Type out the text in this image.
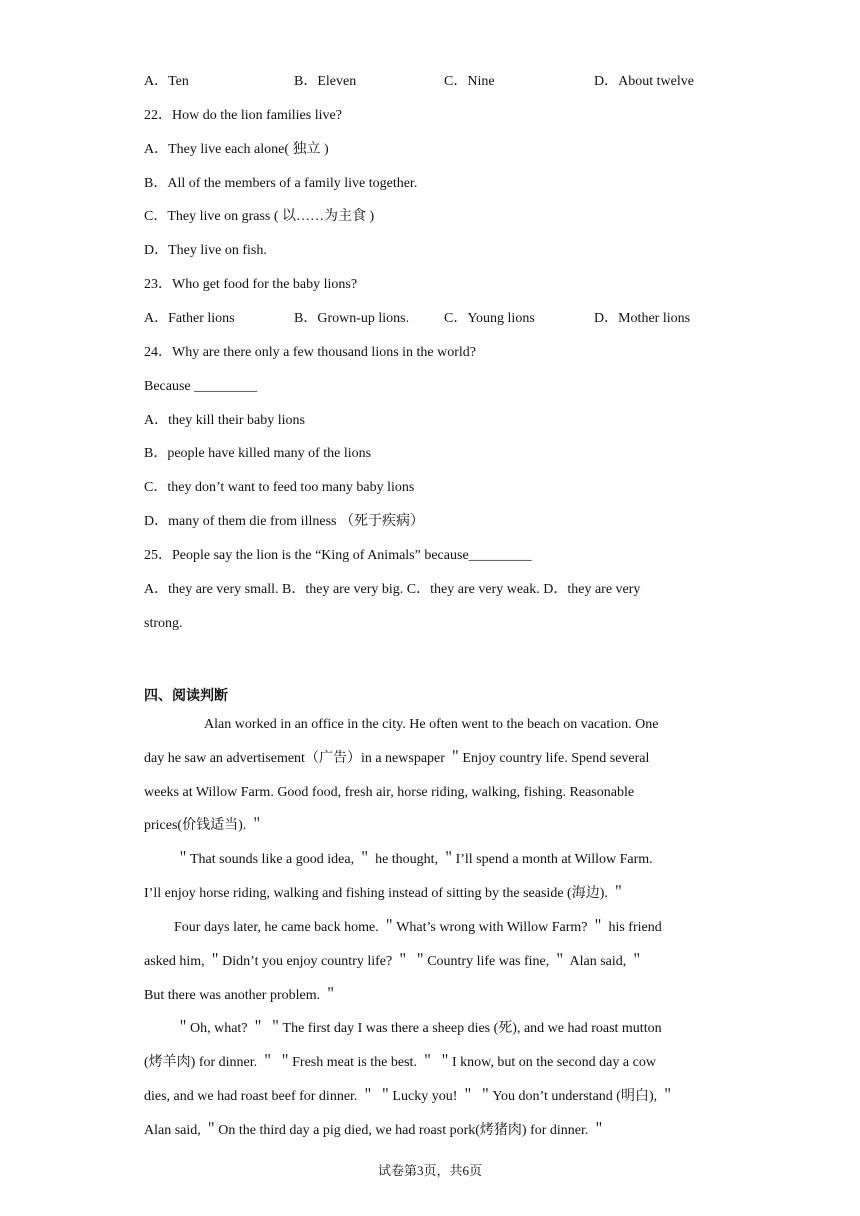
A．Ten	B．Eleven	C．Nine	D．About twelve
22．How do the lion families live?
A．They live each alone( 独立 )
B．All of the members of a family live together.
C．They live on grass ( 以……为主食 )
D．They live on fish.
23．Who get food for the baby lions?
A．Father lions	B．Grown-up lions. C．Young lions	D．Mother lions
24．Why are there only a few thousand lions in the world?
Because _________
A．they kill their baby lions
B．people have killed many of the lions
C．they don’t want to feed too many baby lions
D．many of them die from illness （死于疾病）
25．People say the lion is the “King of Animals” because_________
A．they are very small. B．they are very big. C．they are very weak. D．they are very
strong.
四、阅读判断
Alan worked in an office in the city. He often went to the beach on vacation. One
day he saw an advertisement（广告）in a newspaper ＂Enjoy country life. Spend several
weeks at Willow Farm. Good food, fresh air, horse riding, walking, fishing. Reasonable
prices(价钱适当). ＂
＂That sounds like a good idea, ＂ he thought, ＂I’ll spend a month at Willow Farm.
I’ll enjoy horse riding, walking and fishing instead of sitting by the seaside (海边). ＂
Four days later, he came back home. ＂What’s wrong with Willow Farm? ＂ his friend
asked him, ＂Didn’t you enjoy country life? ＂ ＂Country life was fine, ＂ Alan said, ＂
But there was another problem. ＂
＂Oh, what? ＂ ＂The first day I was there a sheep dies (死), and we had roast mutton
(烤羊肉) for dinner. ＂ ＂Fresh meat is the best. ＂ ＂I know, but on the second day a cow
dies, and we had roast beef for dinner. ＂ ＂Lucky you! ＂ ＂You don’t understand (明白), ＂
Alan said, ＂On the third day a pig died, we had roast pork(烤猪肉) for dinner. ＂
试卷第3页，共6页
